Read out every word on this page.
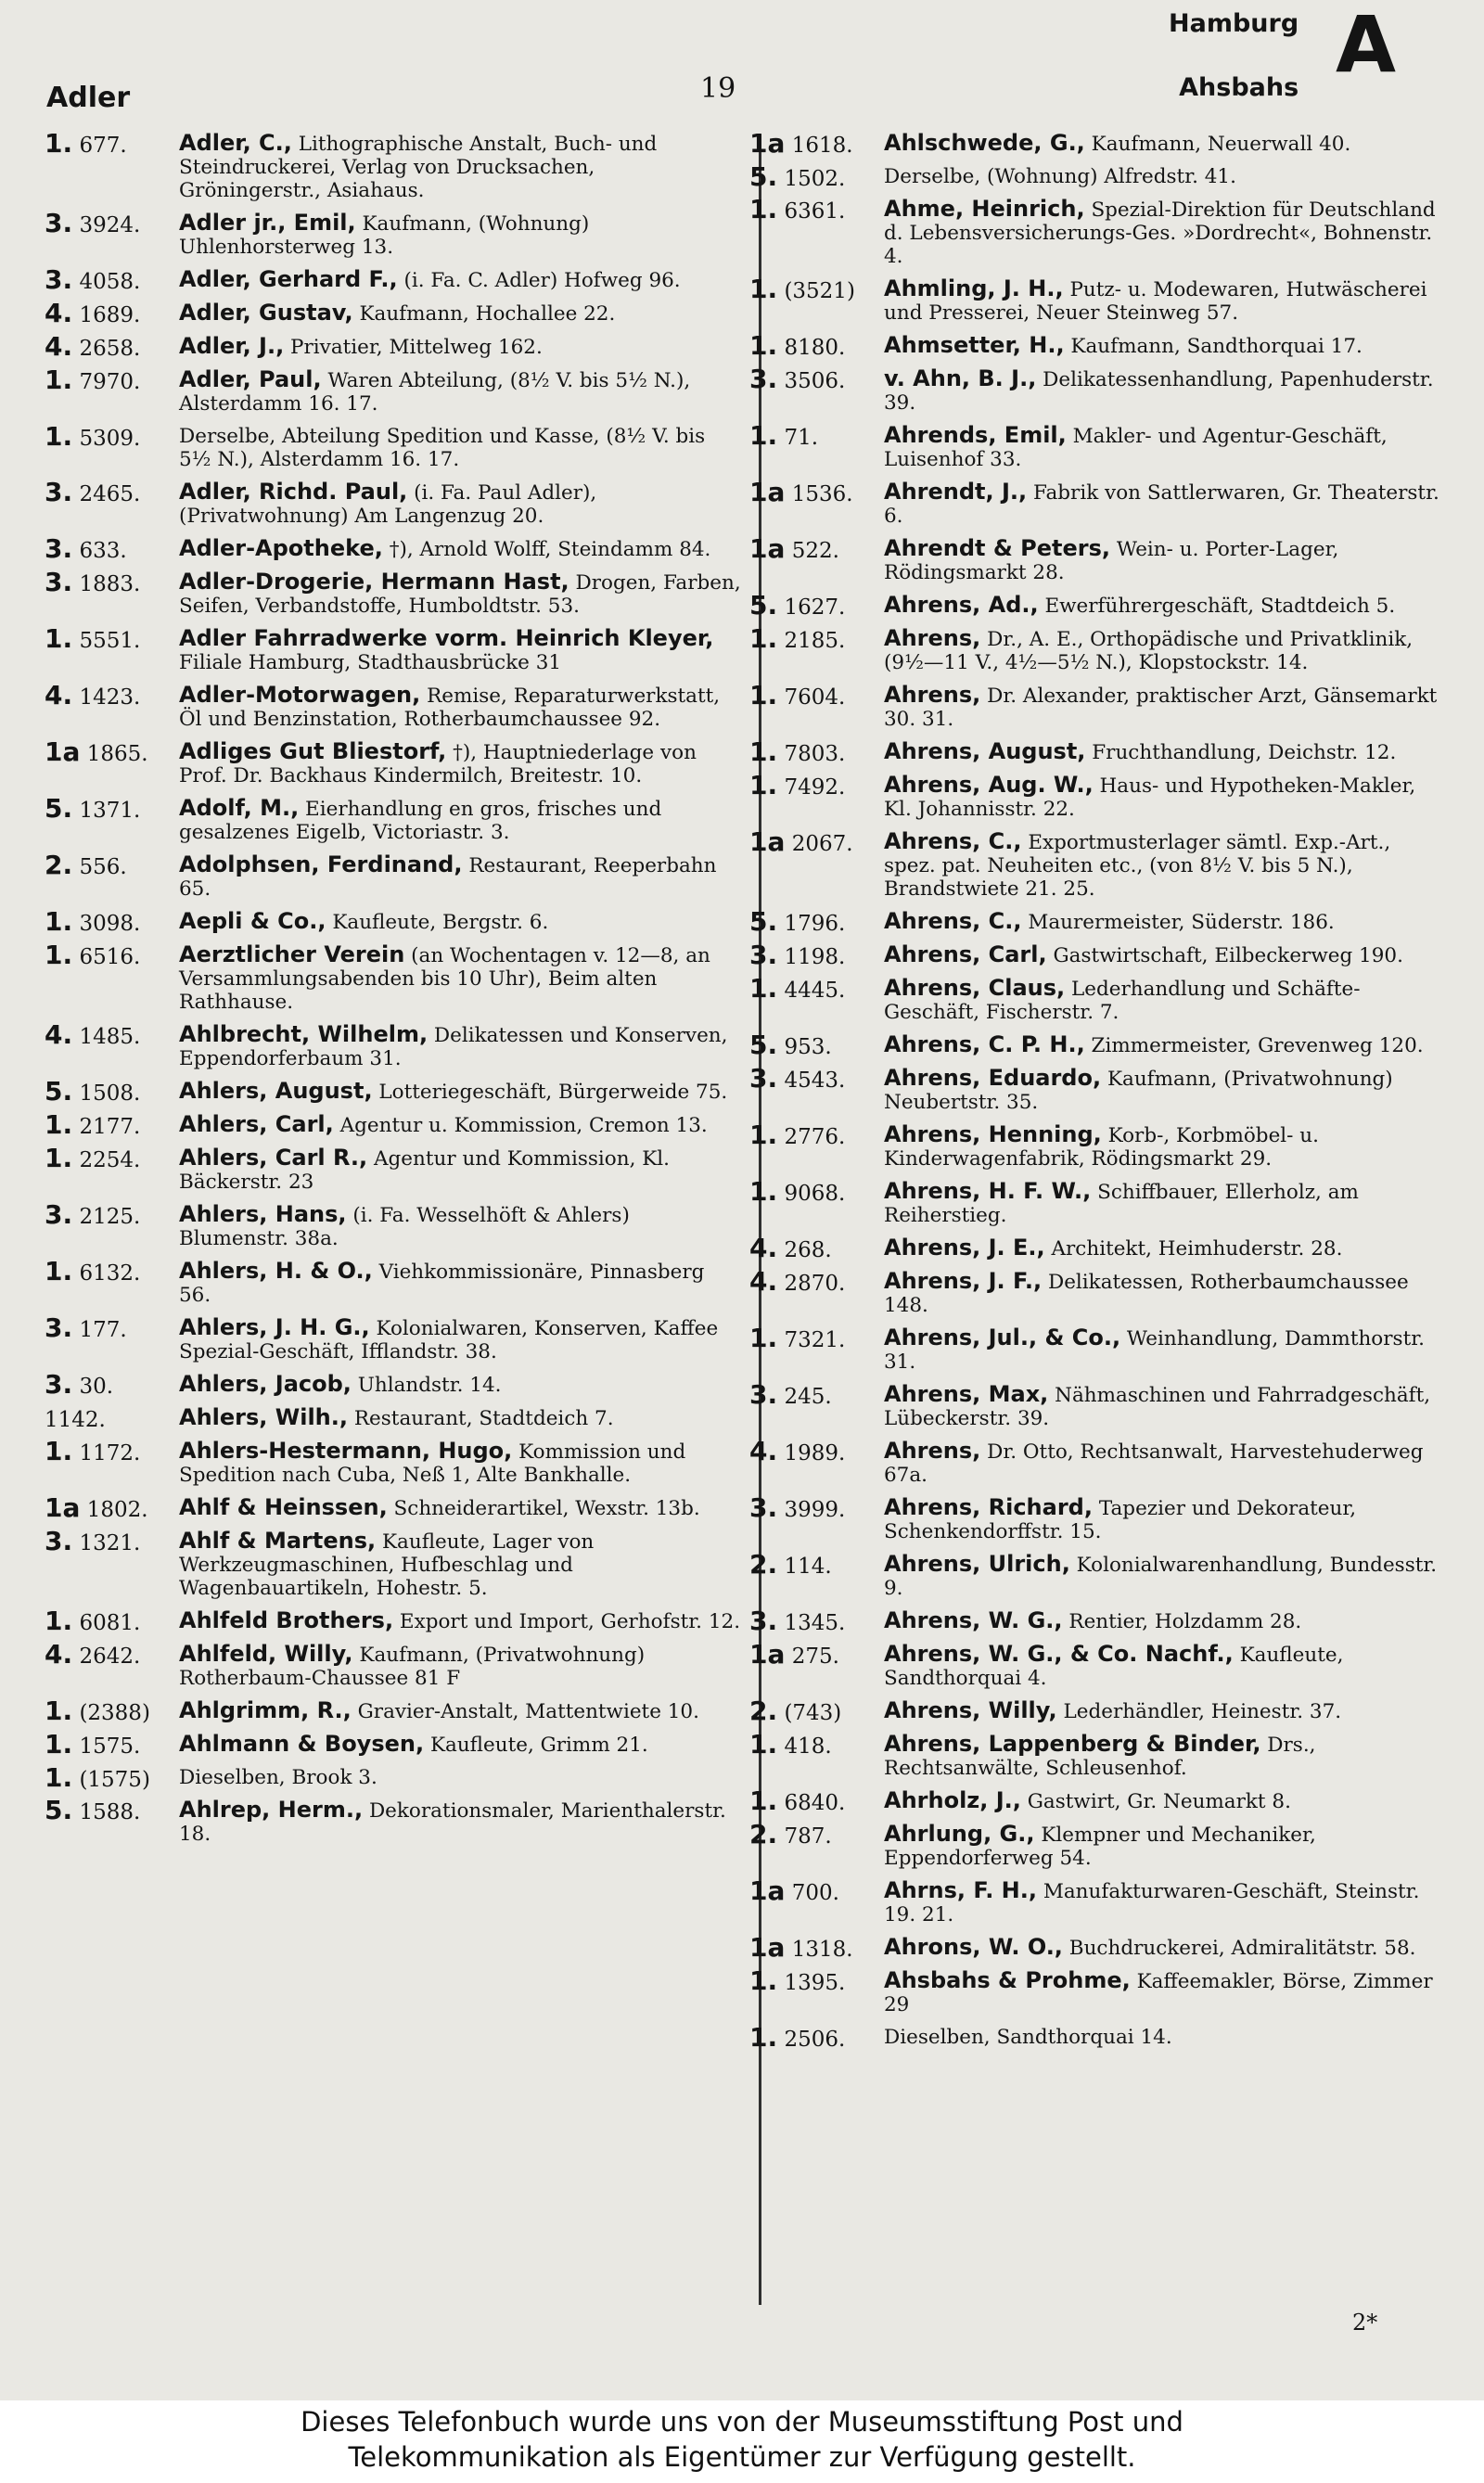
Adler	19
Hamburg
Ahsbahs A
1. 677. Adler, C., Lithographische Anstalt, Buch- und Steindruckerei, Verlag von Drucksachen, Gröningerstr., Asiahaus.
3. 3924. Adler jr., Emil, Kaufmann, (Wohnung) Uhlenhorsterweg 13.
3. 4058. Adler, Gerhard F., (i. Fa. C. Adler) Hofweg 96.
4. 1689. Adler, Gustav, Kaufmann, Hochallee 22.
4. 2658. Adler, J., Privatier, Mittelweg 162.
1. 7970. Adler, Paul, Waren Abteilung, (8½ V. bis 5½ N.), Alsterdamm 16. 17.
1. 5309. Derselbe, Abteilung Spedition und Kasse, (8½ V. bis 5½ N.), Alsterdamm 16. 17.
3. 2465. Adler, Richd. Paul, (i. Fa. Paul Adler), (Privatwohnung) Am Langenzug 20.
3. 633. Adler-Apotheke, †), Arnold Wolff, Steindamm 84.
3. 1883. Adler-Drogerie, Hermann Hast, Drogen, Farben, Seifen, Verbandstoffe, Humboldtstr. 53.
1. 5551. Adler Fahrradwerke vorm. Heinrich Kleyer, Filiale Hamburg, Stadthausbrücke 31
4. 1423. Adler-Motorwagen, Remise, Reparaturwerkstatt, Öl und Benzinstation, Rotherbaumchaussee 92.
1a 1865. Adliges Gut Bliestorf, †), Hauptniederlage von Prof. Dr. Backhaus Kindermilch, Breitestr. 10.
5. 1371. Adolf, M., Eierhandlung en gros, frisches und gesalzenes Eigelb, Victoriastr. 3.
2. 556. Adolphsen, Ferdinand, Restaurant, Reeperbahn 65.
1. 3098. Aepli & Co., Kaufleute, Bergstr. 6.
1. 6516. Aerztlicher Verein (an Wochentagen v. 12—8, an Versammlungsabenden bis 10 Uhr), Beim alten Rathhause.
4. 1485. Ahlbrecht, Wilhelm, Delikatessen und Konserven, Eppendorferbaum 31.
5. 1508. Ahlers, August, Lotteriegeschäft, Bürgerweide 75.
1. 2177. Ahlers, Carl, Agentur u. Kommission, Cremon 13.
1. 2254. Ahlers, Carl R., Agentur und Kommission, Kl. Bäckerstr. 23
3. 2125. Ahlers, Hans, (i. Fa. Wesselhöft & Ahlers) Blumenstr. 38a.
1. 6132. Ahlers, H. & O., Viehkommissionäre, Pinnasberg 56.
3. 177. Ahlers, J. H. G., Kolonialwaren, Konserven, Kaffee Spezial-Geschäft, Ifflandstr. 38.
3. 30.	Ahlers, Jacob, Uhlandstr. 14.
1142.	Ahlers, Wilh., Restaurant, Stadtdeich 7.
1. 1172. Ahlers-Hestermann, Hugo, Kommission und Spedition nach Cuba, Neß 1, Alte Bankhalle.
1a 1802. Ahlf & Heinssen, Schneiderartikel, Wexstr. 13b.
3. 1321. Ahlf & Martens, Kaufleute, Lager von Werkzeugmaschinen, Hufbeschlag und Wagenbauartikeln, Hohestr. 5.
1. 6081. Ahlfeld Brothers, Export und Import, Gerhofstr. 12.
4. 2642. Ahlfeld, Willy, Kaufmann, (Privatwohnung) Rotherbaum-Chaussee 81 F
1. (2388) Ahlgrimm, R., Gravier-Anstalt, Mattentwiete 10.
1. 1575. Ahlmann & Boysen, Kaufleute, Grimm 21.
1. (1575) Dieselben, Brook 3.
5. 1588. Ahlrep, Herm., Dekorationsmaler, Marienthalerstr. 18.
1a 1618. Ahlschwede, G., Kaufmann, Neuerwall 40.
5. 1502. Derselbe, (Wohnung) Alfredstr. 41.
1. 6361. Ahme, Heinrich, Spezial-Direktion für Deutschland d. Lebensversicherungs-Ges. »Dordrecht«, Bohnenstr. 4.
1. (3521) Ahmling, J. H., Putz- u. Modewaren, Hutwäscherei und Presserei, Neuer Steinweg 57.
1. 8180. Ahmsetter, H., Kaufmann, Sandthorquai 17.
3. 3506. v. Ahn, B. J., Delikatessenhandlung, Papenhuderstr. 39.
1. 71.	Ahrends, Emil, Makler- und Agentur-Geschäft, Luisenhof 33.
1a 1536. Ahrendt, J., Fabrik von Sattlerwaren, Gr. Theaterstr. 6.
1a 522. Ahrendt & Peters, Wein- u. Porter-Lager, Rödingsmarkt 28.
5. 1627. Ahrens, Ad., Ewerführergeschäft, Stadtdeich 5.
1. 2185. Ahrens, Dr., A. E., Orthopädische und Privatklinik, (9½—11 V., 4½—5½ N.), Klopstockstr. 14.
1. 7604. Ahrens, Dr. Alexander, praktischer Arzt, Gänsemarkt 30. 31.
1. 7803. Ahrens, August, Fruchthandlung, Deichstr. 12.
1. 7492. Ahrens, Aug. W., Haus- und Hypotheken-Makler, Kl. Johannisstr. 22.
1a 2067. Ahrens, C., Exportmusterlager sämtl. Exp.-Art., spez. pat. Neuheiten etc., (von 8½ V. bis 5 N.), Brandstwiete 21. 25.
5. 1796. Ahrens, C., Maurermeister, Süderstr. 186.
3. 1198. Ahrens, Carl, Gastwirtschaft, Eilbeckerweg 190.
1. 4445. Ahrens, Claus, Lederhandlung und Schäfte-Geschäft, Fischerstr. 7.
5. 953. Ahrens, C. P. H., Zimmermeister, Grevenweg 120.
3. 4543. Ahrens, Eduardo, Kaufmann, (Privatwohnung) Neubertstr. 35.
1. 2776. Ahrens, Henning, Korb-, Korbmöbel- u. Kinderwagenfabrik, Rödingsmarkt 29.
1. 9068. Ahrens, H. F. W., Schiffbauer, Ellerholz, am Reiherstieg.
4. 268. Ahrens, J. E., Architekt, Heimhuderstr. 28.
4. 2870. Ahrens, J. F., Delikatessen, Rotherbaumchaussee 148.
1. 7321. Ahrens, Jul., & Co., Weinhandlung, Dammthorstr. 31.
3. 245. Ahrens, Max, Nähmaschinen und Fahrradgeschäft, Lübeckerstr. 39.
4. 1989. Ahrens, Dr. Otto, Rechtsanwalt, Harvestehuderweg 67a.
3. 3999. Ahrens, Richard, Tapezier und Dekorateur, Schenkendorffstr. 15.
2. 114. Ahrens, Ulrich, Kolonialwarenhandlung, Bundesstr. 9.
3. 1345. Ahrens, W. G., Rentier, Holzdamm 28.
1a 275. Ahrens, W. G., & Co. Nachf., Kaufleute, Sandthorquai 4.
2. (743) Ahrens, Willy, Lederhändler, Heinestr. 37.
1. 418. Ahrens, Lappenberg & Binder, Drs., Rechtsanwälte, Schleusenhof.
1. 6840. Ahrholz, J., Gastwirt, Gr. Neumarkt 8.
2. 787. Ahrlung, G., Klempner und Mechaniker, Eppendorferweg 54.
1a 700. Ahrns, F. H., Manufakturwaren-Geschäft, Steinstr. 19. 21.
1a 1318. Ahrons, W. O., Buchdruckerei, Admiralitätstr. 58.
1. 1395. Ahsbahs & Prohme, Kaffeemakler, Börse, Zimmer 29
1. 2506. Dieselben, Sandthorquai 14.
2*
Dieses Telefonbuch wurde uns von der Museumsstiftung Post und
Telekommunikation als Eigentümer zur Verfügung gestellt.
